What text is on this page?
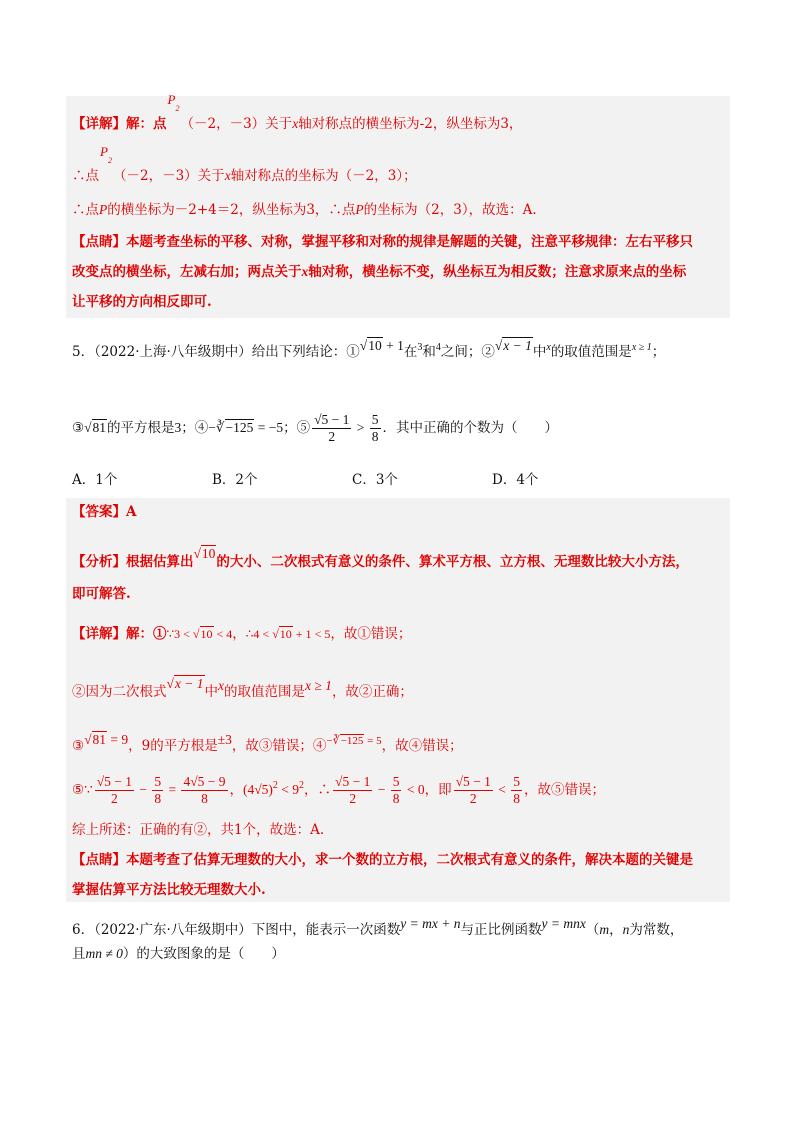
【详解】解：点
P
2
（－2，－3）关于x轴对称点的横坐标为-2，纵坐标为3，
∴点
P
2
（－2，－3）关于x轴对称点的坐标为（－2，3）；
∴点P的横坐标为－2+4＝2，纵坐标为3，∴点P的坐标为（2，3），故选：A.
【点睛】本题考查坐标的平移、对称，掌握平移和对称的规律是解题的关键，注意平移规律：左右平移只
改变点的横坐标，左减右加；两点关于x轴对称，横坐标不变，纵坐标互为相反数；注意求原来点的坐标
让平移的方向相反即可.
5．（2022·上海·八年级期中）给出下列结论：①√10 + 1在$^3$和$^4$之间；②√x − 1中$^x$的取值范围是$^{x \ge 1}$；
③√81的平方根是3；④−∛−125 = −5；⑤ $\frac{√5 - 1}{2} > \frac{5}{8}$ ．其中正确的个数为（　　）
A．1个	B．2个	C．3个	D．4个
【答案】A
【分析】根据估算出√10的大小、二次根式有意义的条件、算术平方根、立方根、无理数比较大小方法，
即可解答.
【详解】解：①∵3 < √10 < 4，∴4 < √10 + 1 < 5，故①错误；
②因为二次根式√x − 1中x的取值范围是x ≥ 1，故②正确；
③√81 = 9，9的平方根是±3，故③错误；④$^{-∛-125 = 5}$，故④错误；
⑤∵ $\frac{√5 - 1}{2} - \frac{5}{8} = \frac{4√5 - 9}{8}$ ，$(4√5)^2 < 9^2$，∴ $\frac{√5 - 1}{2} - \frac{5}{8} < 0$，即 $\frac{√5 - 1}{2} < \frac{5}{8}$ ，故⑤错误；
综上所述：正确的有②，共1个，故选：A.
【点睛】本题考查了估算无理数的大小，求一个数的立方根，二次根式有意义的条件，解决本题的关键是
掌握估算平方法比较无理数大小.
6．（2022·广东·八年级期中）下图中，能表示一次函数y = mx + n与正比例函数y = mnx（m，n为常数，
且mn ≠ 0）的大致图象的是（　　）
